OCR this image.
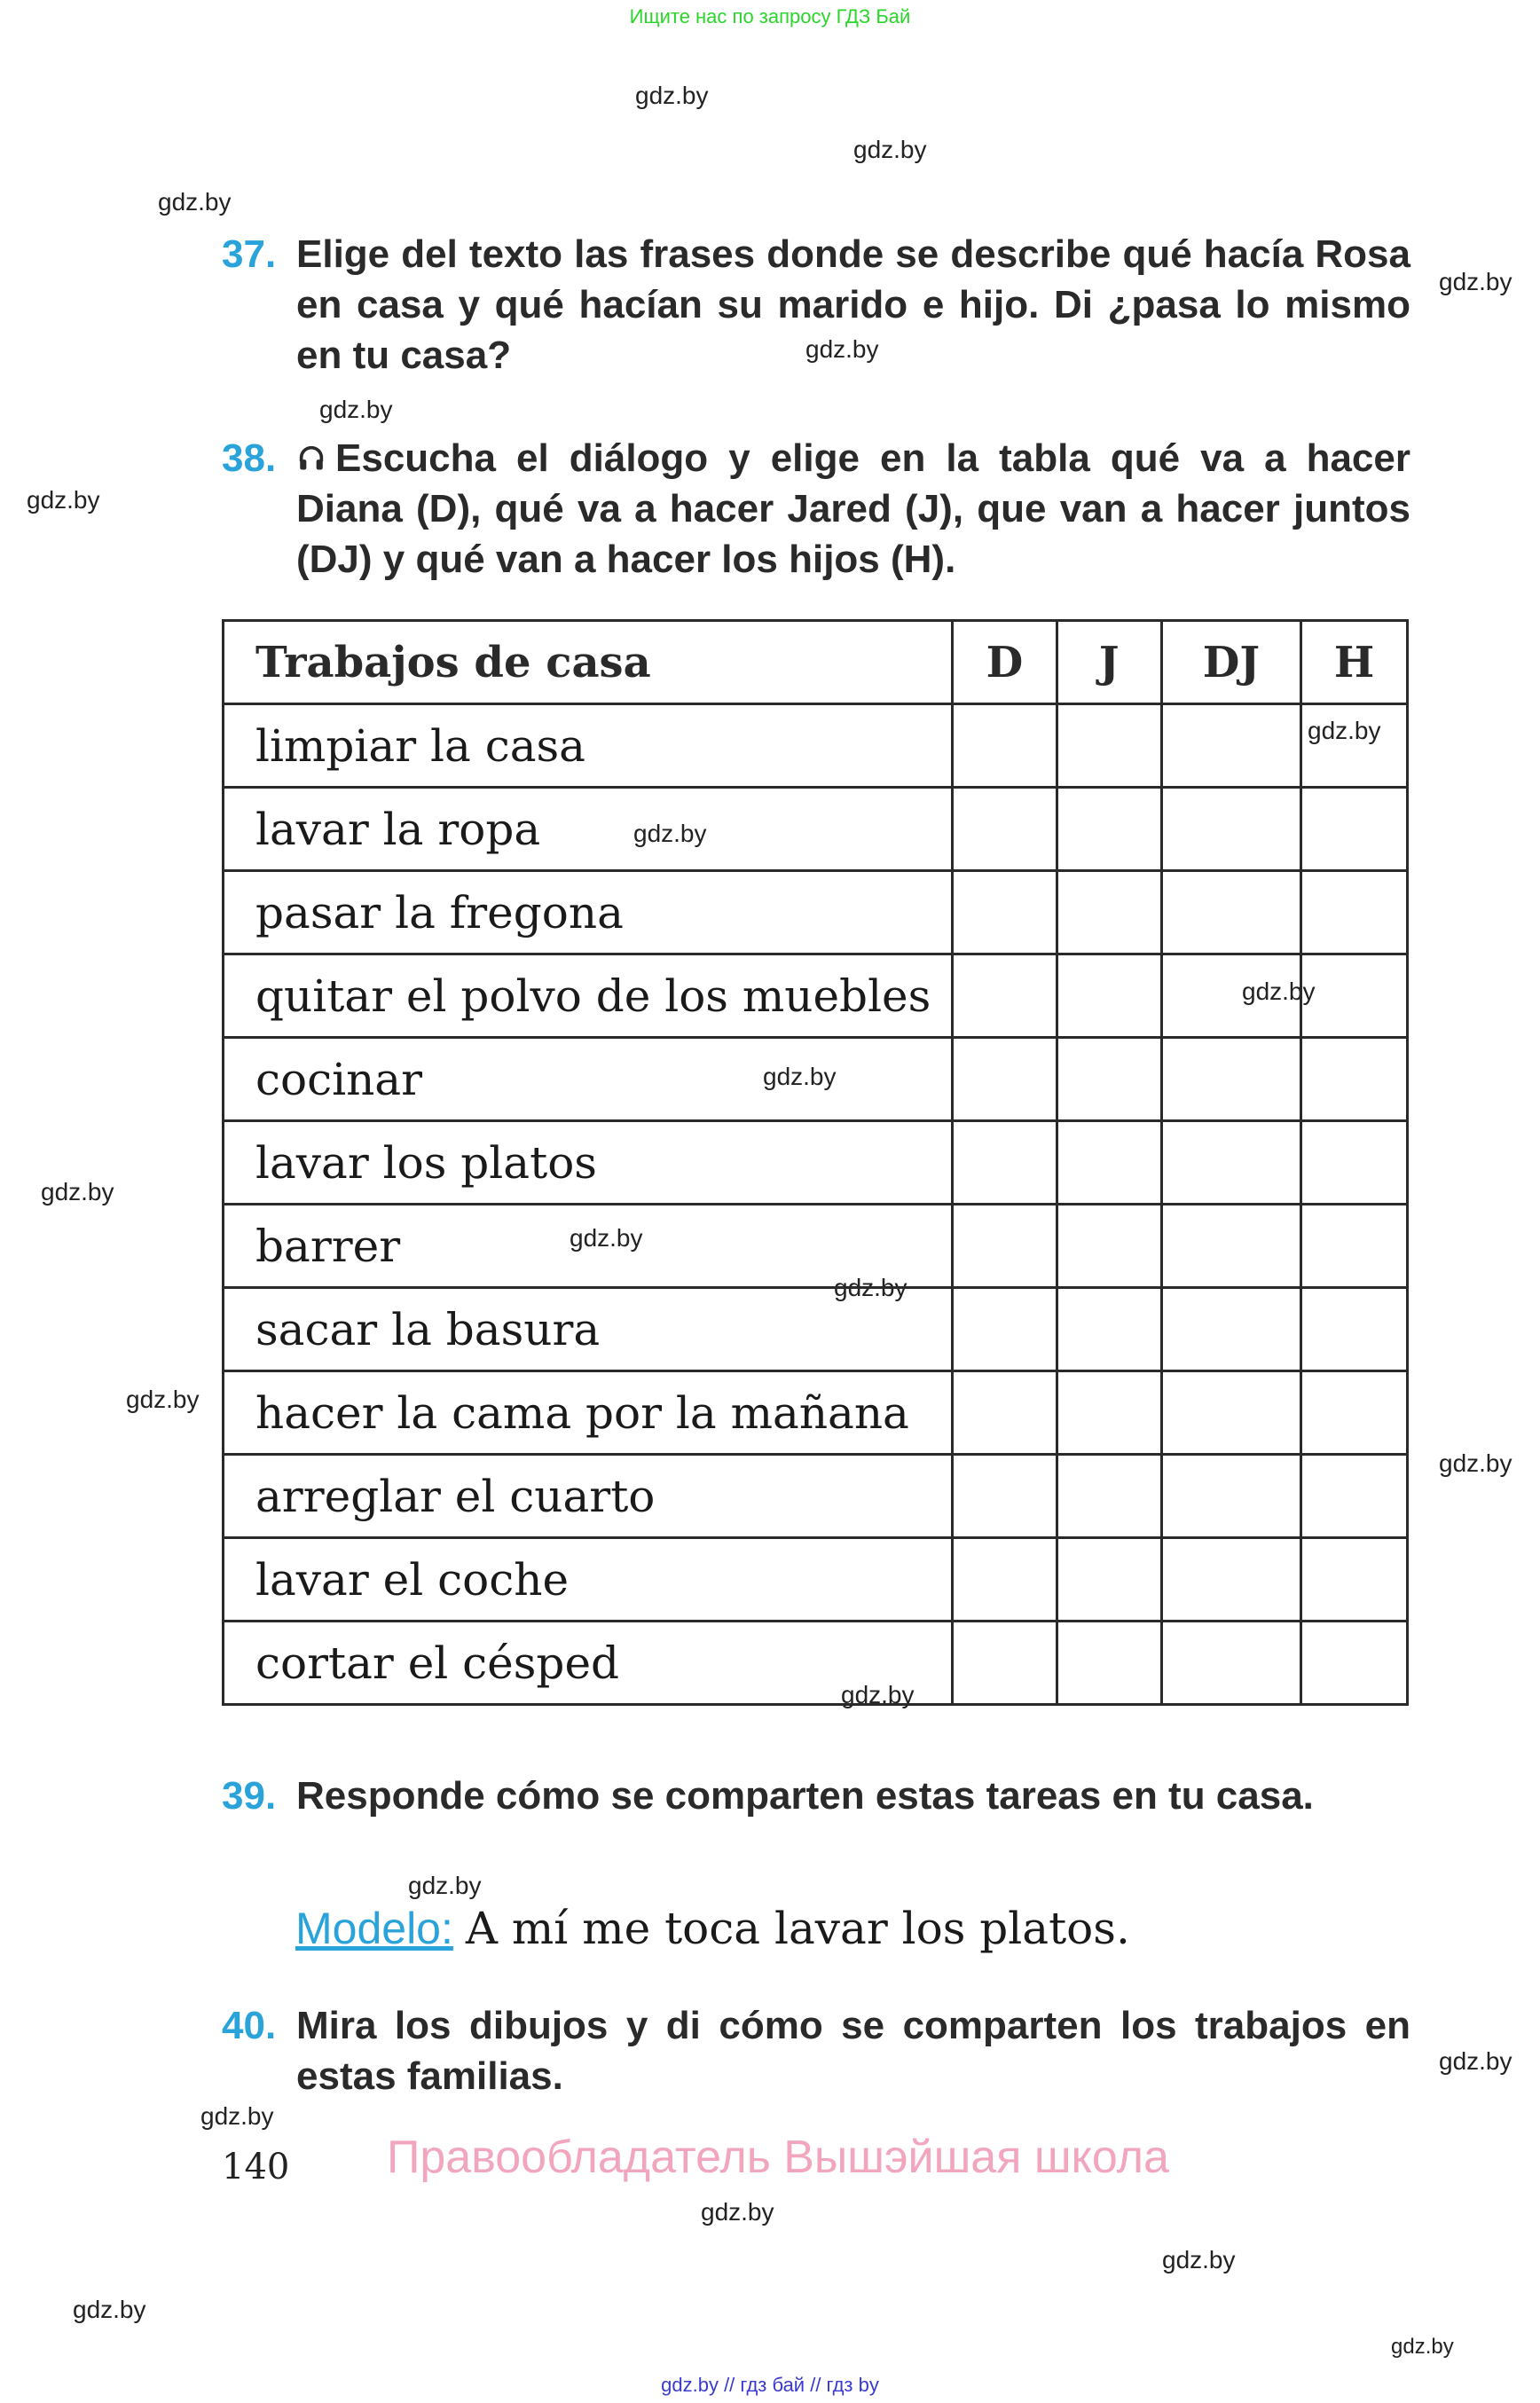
Ищите нас по запросу ГДЗ Бай
gdz.by
gdz.by
gdz.by
gdz.by
gdz.by
gdz.by
gdz.by
gdz.by
gdz.by
gdz.by
gdz.by
gdz.by
gdz.by
gdz.by
gdz.by
gdz.by
gdz.by
gdz.by
gdz.by
gdz.by
gdz.by
gdz.by
gdz.by
gdz.by
37. Elige del texto las frases donde se describe qué hacía Rosa en casa y qué hacían su marido e hijo. Di ¿pasa lo mismo en tu casa?
38.	Escucha el diálogo y elige en la tabla qué va a hacer Diana (D), qué va a hacer Jared (J), que van a hacer juntos (DJ) y qué van a hacer los hijos (H).
Trabajos de casa	D	J	DJ	H
limpiar la casa				
lavar la ropa				
pasar la fregona				
quitar el polvo de los muebles				
cocinar				
lavar los platos				
barrer				
sacar la basura				
hacer la cama por la mañana				
arreglar el cuarto				
lavar el coche				
cortar el césped				
39. Responde cómo se comparten estas tareas en tu casa.
Modelo: A mí me toca lavar los platos.
40. Mira los dibujos y di cómo se comparten los trabajos en estas familias.
140 Правообладатель Вышэйшая школа
gdz.by // гдз бай // гдз by
